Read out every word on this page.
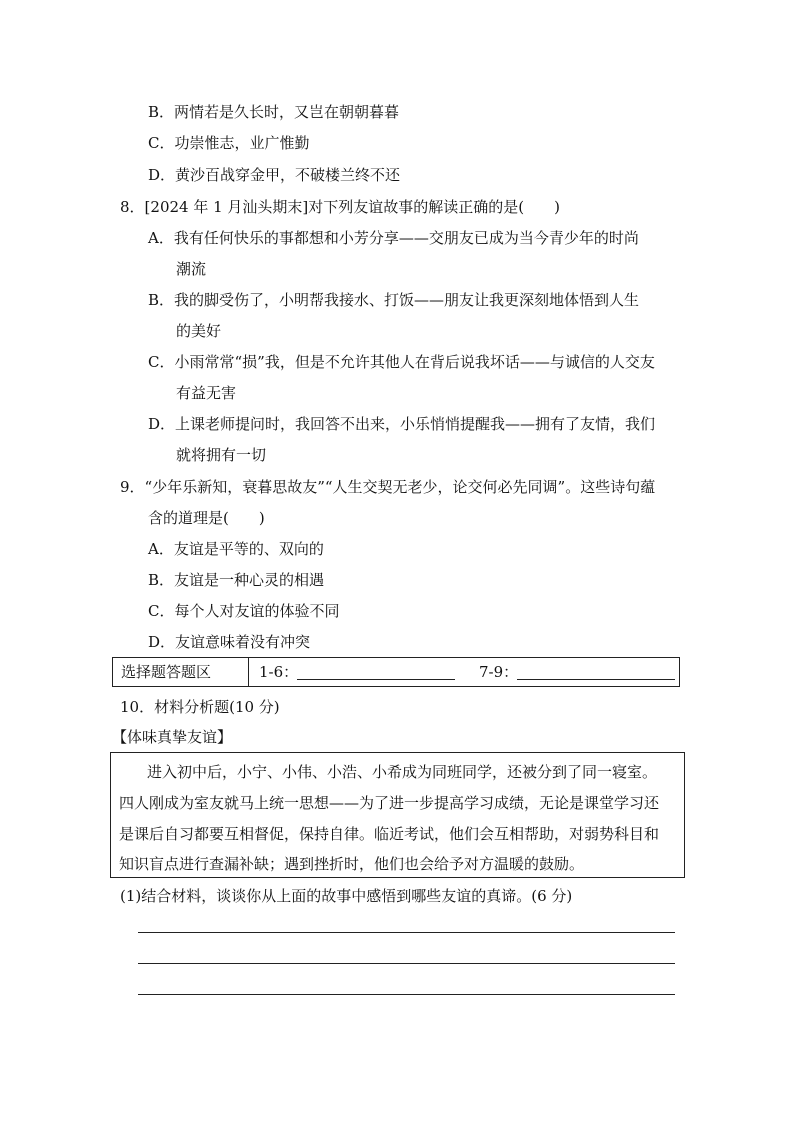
B．两情若是久长时，又岂在朝朝暮暮
C．功崇惟志，业广惟勤
D．黄沙百战穿金甲，不破楼兰终不还
8．[2024 年 1 月汕头期末]对下列友谊故事的解读正确的是(　　)
A．我有任何快乐的事都想和小芳分享——交朋友已成为当今青少年的时尚
潮流
B．我的脚受伤了，小明帮我接水、打饭——朋友让我更深刻地体悟到人生
的美好
C．小雨常常“损”我，但是不允许其他人在背后说我坏话——与诚信的人交友
有益无害
D．上课老师提问时，我回答不出来，小乐悄悄提醒我——拥有了友情，我们
就将拥有一切
9．“少年乐新知，衰暮思故友”“人生交契无老少，论交何必先同调”。这些诗句蕴
含的道理是(　　)
A．友谊是平等的、双向的
B．友谊是一种心灵的相遇
C．每个人对友谊的体验不同
D．友谊意味着没有冲突
选择题答题区	1-6：	7-9：
10．材料分析题(10 分)
【体味真挚友谊】
进入初中后，小宁、小伟、小浩、小希成为同班同学，还被分到了同一寝室。
四人刚成为室友就马上统一思想——为了进一步提高学习成绩，无论是课堂学习还
是课后自习都要互相督促，保持自律。临近考试，他们会互相帮助，对弱势科目和
知识盲点进行查漏补缺；遇到挫折时，他们也会给予对方温暖的鼓励。
(1)结合材料，谈谈你从上面的故事中感悟到哪些友谊的真谛。(6 分)
